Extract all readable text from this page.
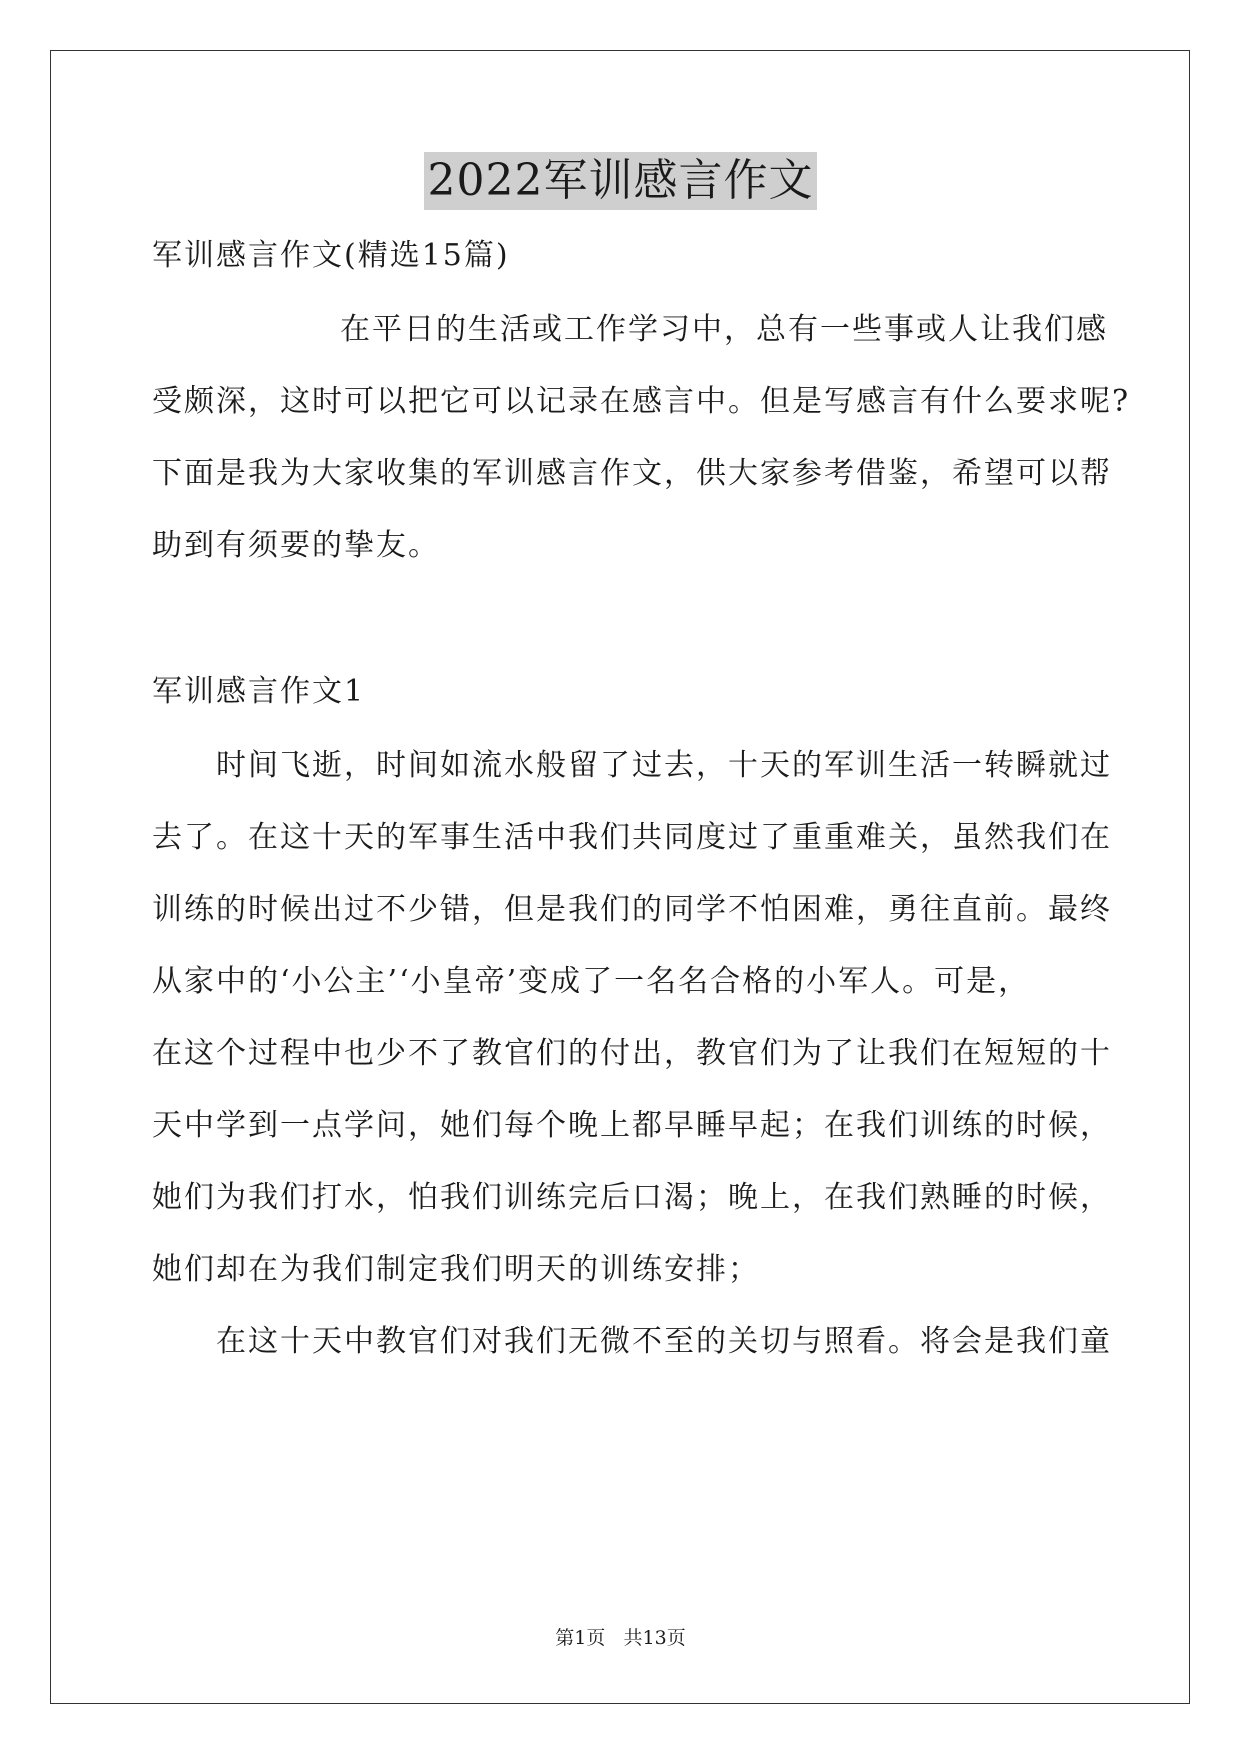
2022军训感言作文
军训感言作文(精选15篇)
在平日的生活或工作学习中，总有一些事或人让我们感
受颇深，这时可以把它可以记录在感言中。但是写感言有什么要求呢?
下面是我为大家收集的军训感言作文，供大家参考借鉴，希望可以帮
助到有须要的挚友。
军训感言作文1
时间飞逝，时间如流水般留了过去，十天的军训生活一转瞬就过
去了。在这十天的军事生活中我们共同度过了重重难关，虽然我们在
训练的时候出过不少错，但是我们的同学不怕困难，勇往直前。最终
从家中的‘小公主’‘小皇帝’变成了一名名合格的小军人。可是，
在这个过程中也少不了教官们的付出，教官们为了让我们在短短的十
天中学到一点学问，她们每个晚上都早睡早起；在我们训练的时候，
她们为我们打水，怕我们训练完后口渴；晚上，在我们熟睡的时候，
她们却在为我们制定我们明天的训练安排；
在这十天中教官们对我们无微不至的关切与照看。将会是我们童
第1页 共13页
